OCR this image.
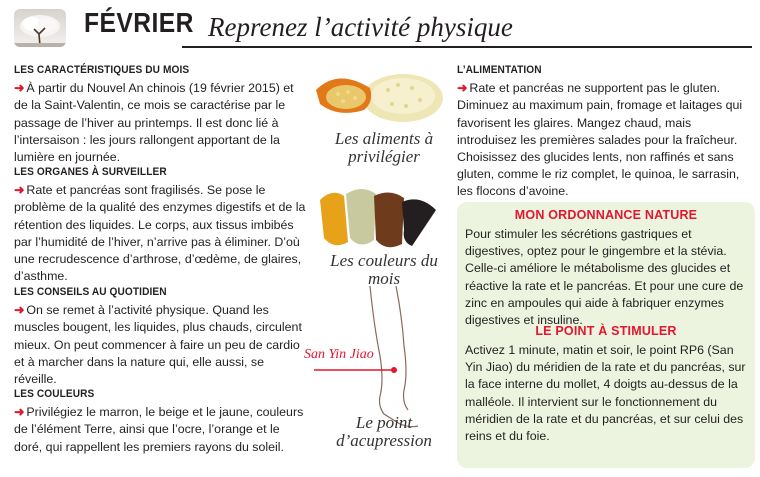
FÉVRIER Reprenez l’activité physique
LES CARACTÉRISTIQUES DU MOIS

➜ À partir du Nouvel An chinois (19 février 2015) et de la Saint-Valentin, ce mois se caractérise par le passage de l’hiver au printemps. Il est donc lié à l’intersaison : les jours rallongent apportant de la lumière en journée.

LES ORGANES À SURVEILLER

➜ Rate et pancréas sont fragilisés. Se pose le problème de la qualité des enzymes digestifs et de la rétention des liquides. Le corps, aux tissus imbibés par l’humidité de l’hiver, n’arrive pas à éliminer. D’où une recrudescence d’arthrose, d’œdème, de glaires, d’asthme.

LES CONSEILS AU QUOTIDIEN

➜ On se remet à l’activité physique. Quand les muscles bougent, les liquides, plus chauds, circulent mieux. On peut commencer à faire un peu de cardio et à marcher dans la nature qui, elle aussi, se réveille.

LES COULEURS

➜ Privilégiez le marron, le beige et le jaune, couleurs de l’élément Terre, ainsi que l’ocre, l’orange et le doré, qui rappellent les premiers rayons du soleil.

Les aliments à privilégier
Les couleurs du mois
San Yin Jiao
Le point d’acupression
L’ALIMENTATION

➜ Rate et pancréas ne supportent pas le gluten. Diminuez au maximum pain, fromage et laitages qui favorisent les glaires. Mangez chaud, mais introduisez les premières salades pour la fraîcheur. Choisissez des glucides lents, non raffinés et sans gluten, comme le riz complet, le quinoa, le sarrasin, les flocons d’avoine.

MON ORDONNANCE NATURE

Pour stimuler les sécrétions gastriques et digestives, optez pour le gingembre et la stévia. Celle-ci améliore le métabolisme des glucides et réactive la rate et le pancréas. Et pour une cure de zinc en ampoules qui aide à fabriquer enzymes digestives et insuline.

LE POINT À STIMULER

Activez 1 minute, matin et soir, le point RP6 (San Yin Jiao) du méridien de la rate et du pancréas, sur la face interne du mollet, 4 doigts au-dessus de la malléole. Il intervient sur le fonctionnement du méridien de la rate et du pancréas, et sur celui des reins et du foie.
